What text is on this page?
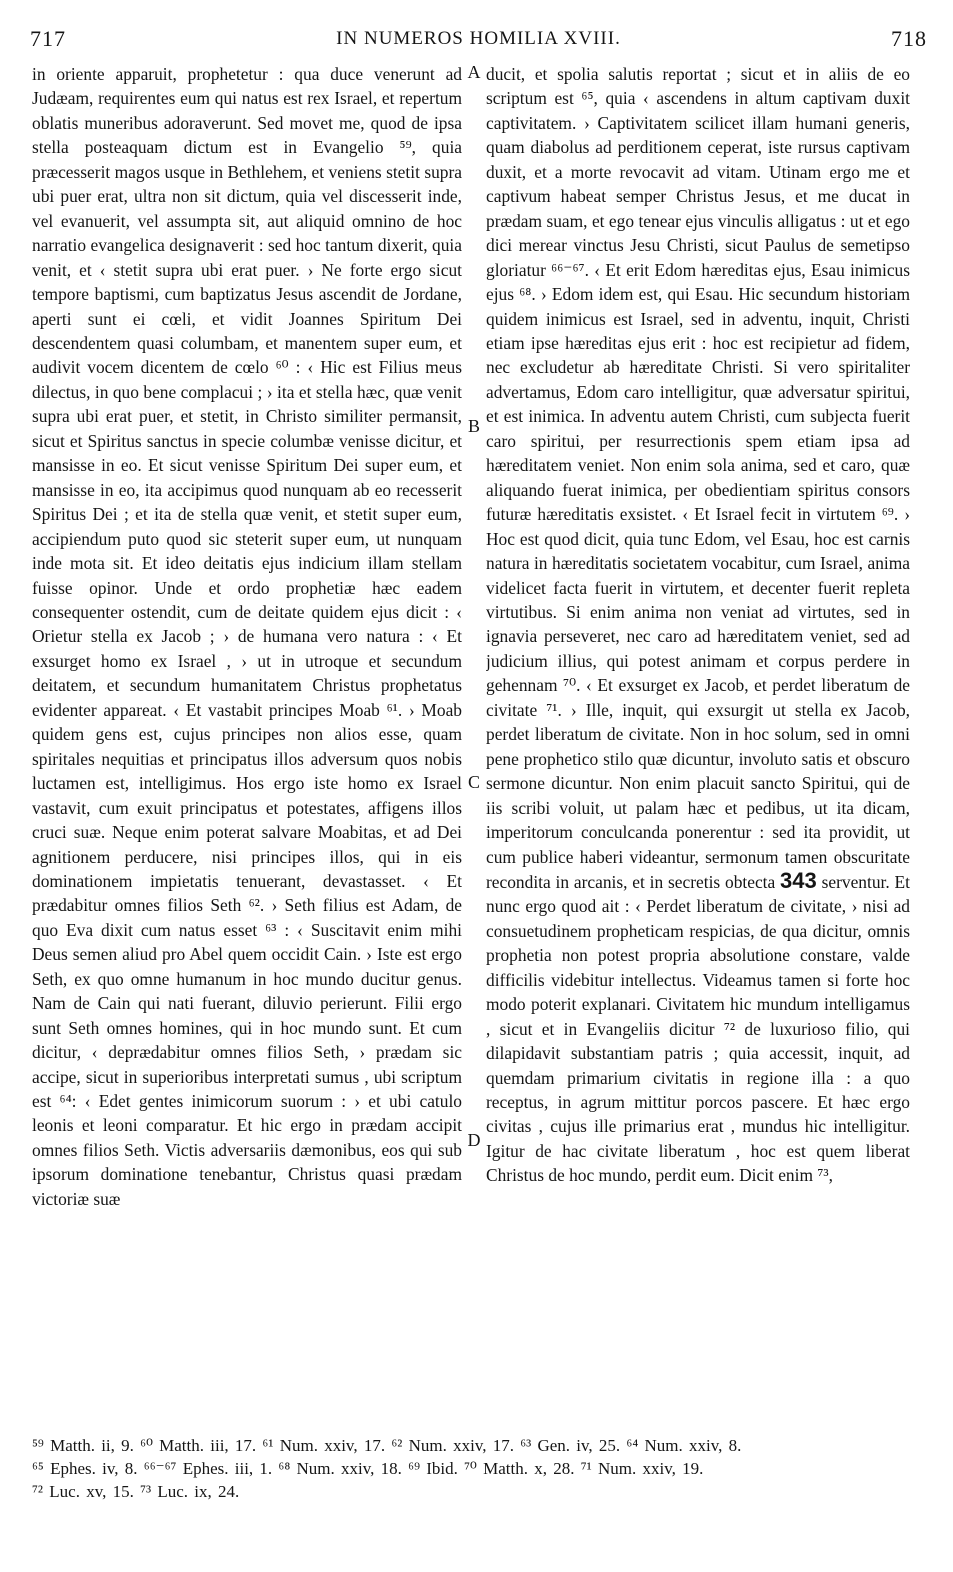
717	IN NUMEROS HOMILIA XVIII.	718
in oriente apparuit, prophetetur : qua duce venerunt ad Judæam, requirentes eum qui natus est rex Israel, et repertum oblatis muneribus adoraverunt. Sed movet me, quod de ipsa stella posteaquam dictum est in Evangelio ⁵⁹, quia præcesserit magos usque in Bethlehem, et veniens stetit supra ubi puer erat, ultra non sit dictum, quia vel discesserit inde, vel evanuerit, vel assumpta sit, aut aliquid omnino de hoc narratio evangelica designaverit : sed hoc tantum dixerit, quia venit, et ‹ stetit supra ubi erat puer. › Ne forte ergo sicut tempore baptismi, cum baptizatus Jesus ascendit de Jordane, aperti sunt ei cœli, et vidit Joannes Spiritum Dei descendentem quasi columbam, et manentem super eum, et audivit vocem dicentem de cœlo ⁶⁰ : ‹ Hic est Filius meus dilectus, in quo bene complacui ; › ita et stella hæc, quæ venit supra ubi erat puer, et stetit, in Christo similiter permansit, sicut et Spiritus sanctus in specie columbæ venisse dicitur, et mansisse in eo. Et sicut venisse Spiritum Dei super eum, et mansisse in eo, ita accipimus quod nunquam ab eo recesserit Spiritus Dei ; et ita de stella quæ venit, et stetit super eum, accipiendum puto quod sic steterit super eum, ut nunquam inde mota sit. Et ideo deitatis ejus indicium illam stellam fuisse opinor. Unde et ordo prophetiæ hæc eadem consequenter ostendit, cum de deitate quidem ejus dicit : ‹ Orietur stella ex Jacob ; › de humana vero natura : ‹ Et exsurget homo ex Israel , › ut in utroque et secundum deitatem, et secundum humanitatem Christus prophetatus evidenter appareat. ‹ Et vastabit principes Moab ⁶¹. › Moab quidem gens est, cujus principes non alios esse, quam spiritales nequitias et principatus illos adversum quos nobis luctamen est, intelligimus. Hos ergo iste homo ex Israel vastavit, cum exuit principatus et potestates, affigens illos cruci suæ. Neque enim poterat salvare Moabitas, et ad Dei agnitionem perducere, nisi principes illos, qui in eis dominationem impietatis tenuerant, devastasset. ‹ Et prædabitur omnes filios Seth ⁶². › Seth filius est Adam, de quo Eva dixit cum natus esset ⁶³ : ‹ Suscitavit enim mihi Deus semen aliud pro Abel quem occidit Cain. › Iste est ergo Seth, ex quo omne humanum in hoc mundo ducitur genus. Nam de Cain qui nati fuerant, diluvio perierunt. Filii ergo sunt Seth omnes homines, qui in hoc mundo sunt. Et cum dicitur, ‹ deprædabitur omnes filios Seth, › prædam sic accipe, sicut in superioribus interpretati sumus , ubi scriptum est ⁶⁴: ‹ Edet gentes inimicorum suorum : › et ubi catulo leonis et leoni comparatur. Et hic ergo in prædam accipit omnes filios Seth. Victis adversariis dæmonibus, eos qui sub ipsorum dominatione tenebantur, Christus quasi prædam victoriæ suæ
A
B
C
D
ducit, et spolia salutis reportat ; sicut et in aliis de eo scriptum est ⁶⁵, quia ‹ ascendens in altum captivam duxit captivitatem. › Captivitatem scilicet illam humani generis, quam diabolus ad perditionem ceperat, iste rursus captivam duxit, et a morte revocavit ad vitam. Utinam ergo me et captivum habeat semper Christus Jesus, et me ducat in prædam suam, et ego tenear ejus vinculis alligatus : ut et ego dici merear vinctus Jesu Christi, sicut Paulus de semetipso gloriatur ⁶⁶⁻⁶⁷. ‹ Et erit Edom hæreditas ejus, Esau inimicus ejus ⁶⁸. › Edom idem est, qui Esau. Hic secundum historiam quidem inimicus est Israel, sed in adventu, inquit, Christi etiam ipse hæreditas ejus erit : hoc est recipietur ad fidem, nec excludetur ab hæreditate Christi. Si vero spiritaliter advertamus, Edom caro intelligitur, quæ adversatur spiritui, et est inimica. In adventu autem Christi, cum subjecta fuerit caro spiritui, per resurrectionis spem etiam ipsa ad hæreditatem veniet. Non enim sola anima, sed et caro, quæ aliquando fuerat inimica, per obedientiam spiritus consors futuræ hæreditatis exsistet. ‹ Et Israel fecit in virtutem ⁶⁹. › Hoc est quod dicit, quia tunc Edom, vel Esau, hoc est carnis natura in hæreditatis societatem vocabitur, cum Israel, anima videlicet facta fuerit in virtutem, et decenter fuerit repleta virtutibus. Si enim anima non veniat ad virtutes, sed in ignavia perseveret, nec caro ad hæreditatem veniet, sed ad judicium illius, qui potest animam et corpus perdere in gehennam ⁷⁰. ‹ Et exsurget ex Jacob, et perdet liberatum de civitate ⁷¹. › Ille, inquit, qui exsurgit ut stella ex Jacob, perdet liberatum de civitate. Non in hoc solum, sed in omni pene prophetico stilo quæ dicuntur, involuto satis et obscuro sermone dicuntur. Non enim placuit sancto Spiritui, qui de iis scribi voluit, ut palam hæc et pedibus, ut ita dicam, imperitorum conculcanda ponerentur : sed ita providit, ut cum publice haberi videantur, sermonum tamen obscuritate recondita in arcanis, et in secretis obtecta 343 serventur. Et nunc ergo quod ait : ‹ Perdet liberatum de civitate, › nisi ad consuetudinem propheticam respicias, de qua dicitur, omnis prophetia non potest propria absolutione constare, valde difficilis videbitur intellectus. Videamus tamen si forte hoc modo poterit explanari. Civitatem hic mundum intelligamus , sicut et in Evangeliis dicitur ⁷² de luxurioso filio, qui dilapidavit substantiam patris ; quia accessit, inquit, ad quemdam primarium civitatis in regione illa : a quo receptus, in agrum mittitur porcos pascere. Et hæc ergo civitas , cujus ille primarius erat , mundus hic intelligitur. Igitur de hac civitate liberatum , hoc est quem liberat Christus de hoc mundo, perdit eum. Dicit enim ⁷³,
⁵⁹ Matth. ii, 9. ⁶⁰ Matth. iii, 17. ⁶¹ Num. xxiv, 17. ⁶² Num. xxiv, 17. ⁶³ Gen. iv, 25. ⁶⁴ Num. xxiv, 8.
⁶⁵ Ephes. iv, 8. ⁶⁶⁻⁶⁷ Ephes. iii, 1. ⁶⁸ Num. xxiv, 18. ⁶⁹ Ibid. ⁷⁰ Matth. x, 28. ⁷¹ Num. xxiv, 19.
⁷² Luc. xv, 15. ⁷³ Luc. ix, 24.
